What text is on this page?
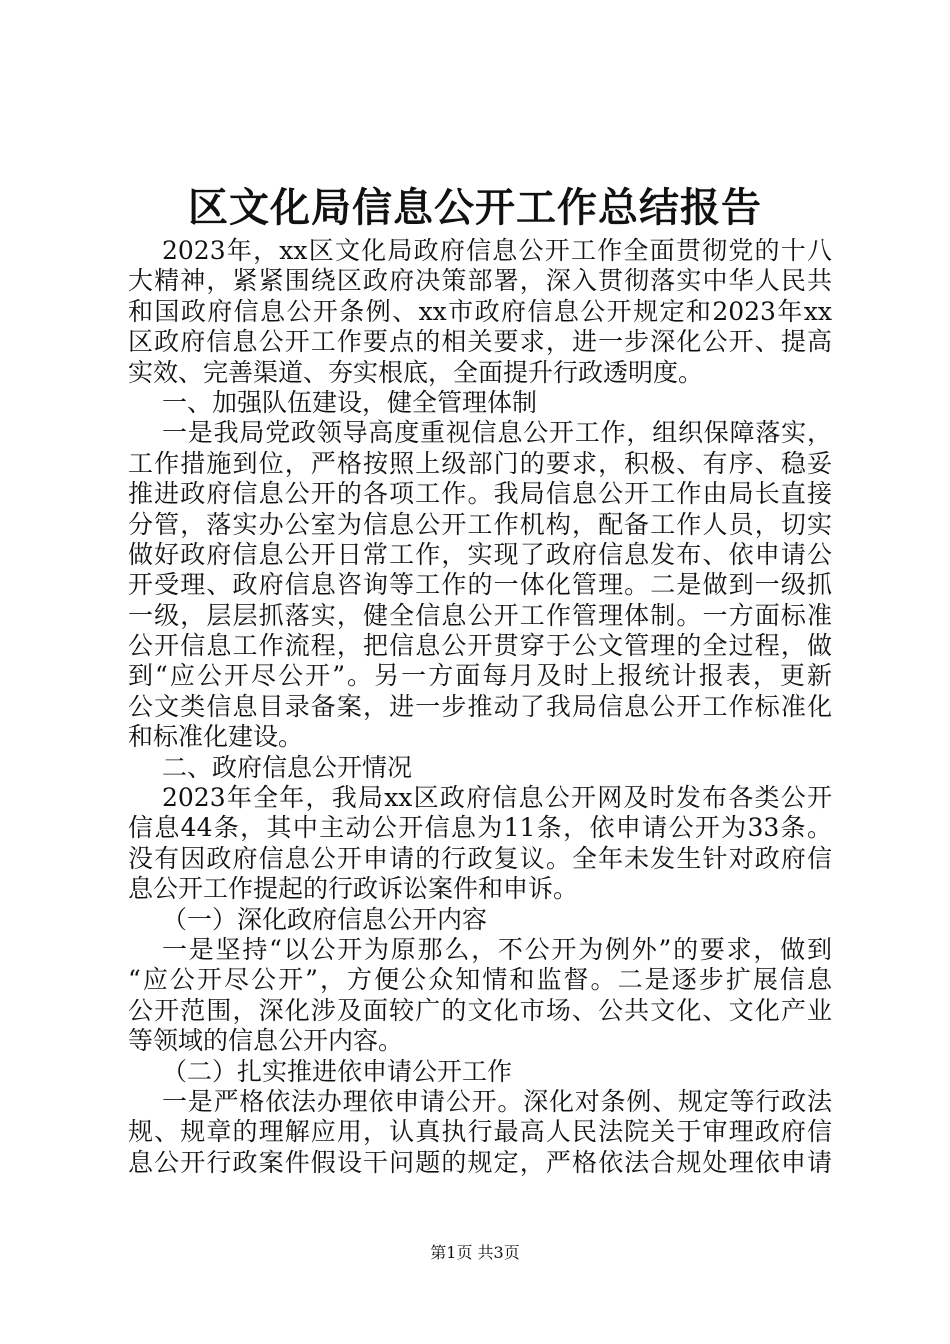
区文化局信息公开工作总结报告
2023年，xx区文化局政府信息公开工作全面贯彻党的十八
大精神，紧紧围绕区政府决策部署，深入贯彻落实中华人民共
和国政府信息公开条例、xx市政府信息公开规定和2023年xx
区政府信息公开工作要点的相关要求，进一步深化公开、提高
实效、完善渠道、夯实根底，全面提升行政透明度。
一、加强队伍建设，健全管理体制
一是我局党政领导高度重视信息公开工作，组织保障落实，
工作措施到位，严格按照上级部门的要求，积极、有序、稳妥
推进政府信息公开的各项工作。我局信息公开工作由局长直接
分管，落实办公室为信息公开工作机构，配备工作人员，切实
做好政府信息公开日常工作，实现了政府信息发布、依申请公
开受理、政府信息咨询等工作的一体化管理。二是做到一级抓
一级，层层抓落实，健全信息公开工作管理体制。一方面标准
公开信息工作流程，把信息公开贯穿于公文管理的全过程，做
到“应公开尽公开”。另一方面每月及时上报统计报表，更新
公文类信息目录备案，进一步推动了我局信息公开工作标准化
和标准化建设。
二、政府信息公开情况
2023年全年，我局xx区政府信息公开网及时发布各类公开
信息44条，其中主动公开信息为11条，依申请公开为33条。
没有因政府信息公开申请的行政复议。全年未发生针对政府信
息公开工作提起的行政诉讼案件和申诉。
（一）深化政府信息公开内容
一是坚持“以公开为原那么，不公开为例外”的要求，做到
“应公开尽公开”，方便公众知情和监督。二是逐步扩展信息
公开范围，深化涉及面较广的文化市场、公共文化、文化产业
等领域的信息公开内容。
（二）扎实推进依申请公开工作
一是严格依法办理依申请公开。深化对条例、规定等行政法
规、规章的理解应用，认真执行最高人民法院关于审理政府信
息公开行政案件假设干问题的规定，严格依法合规处理依申请
第1页 共3页
